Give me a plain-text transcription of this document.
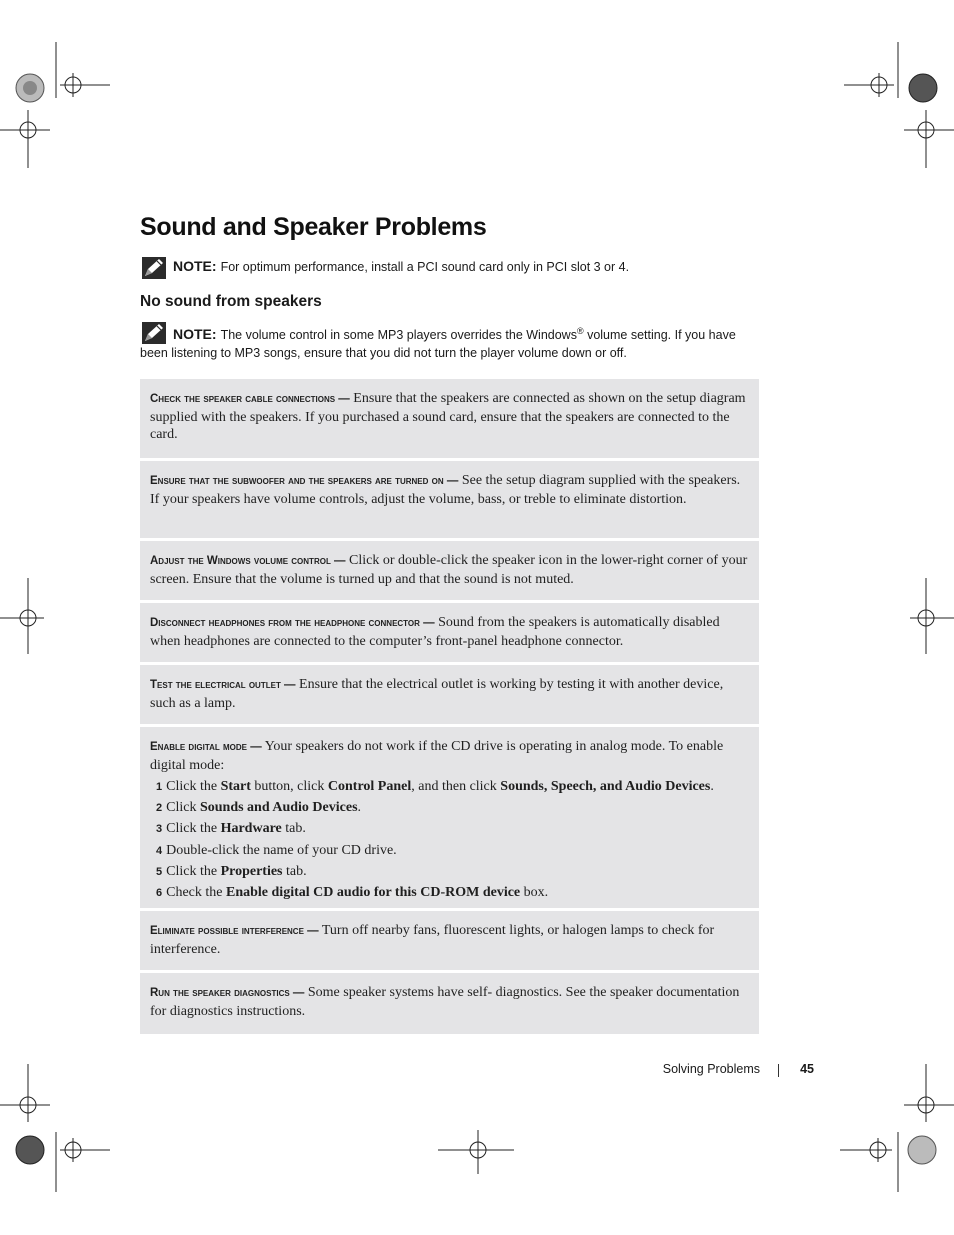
Sound and Speaker Problems
NOTE: For optimum performance, install a PCI sound card only in PCI slot 3 or 4.
No sound from speakers
NOTE: The volume control in some MP3 players overrides the Windows® volume setting. If you have been listening to MP3 songs, ensure that you did not turn the player volume down or off.
Check the speaker cable connections — Ensure that the speakers are connected as shown on the setup diagram supplied with the speakers. If you purchased a sound card, ensure that the speakers are connected to the card.
Ensure that the subwoofer and the speakers are turned on — See the setup diagram supplied with the speakers. If your speakers have volume controls, adjust the volume, bass, or treble to eliminate distortion.
Adjust the Windows volume control — Click or double-click the speaker icon in the lower-right corner of your screen. Ensure that the volume is turned up and that the sound is not muted.
Disconnect headphones from the headphone connector — Sound from the speakers is automatically disabled when headphones are connected to the computer’s front-panel headphone connector.
Test the electrical outlet — Ensure that the electrical outlet is working by testing it with another device, such as a lamp.
Enable digital mode — Your speakers do not work if the CD drive is operating in analog mode. To enable digital mode:
1 Click the Start button, click Control Panel, and then click Sounds, Speech, and Audio Devices.
2 Click Sounds and Audio Devices.
3 Click the Hardware tab.
4 Double-click the name of your CD drive.
5 Click the Properties tab.
6 Check the Enable digital CD audio for this CD-ROM device box.
Eliminate possible interference — Turn off nearby fans, fluorescent lights, or halogen lamps to check for interference.
Run the speaker diagnostics — Some speaker systems have self- diagnostics. See the speaker documentation for diagnostics instructions.
Solving Problems	45
